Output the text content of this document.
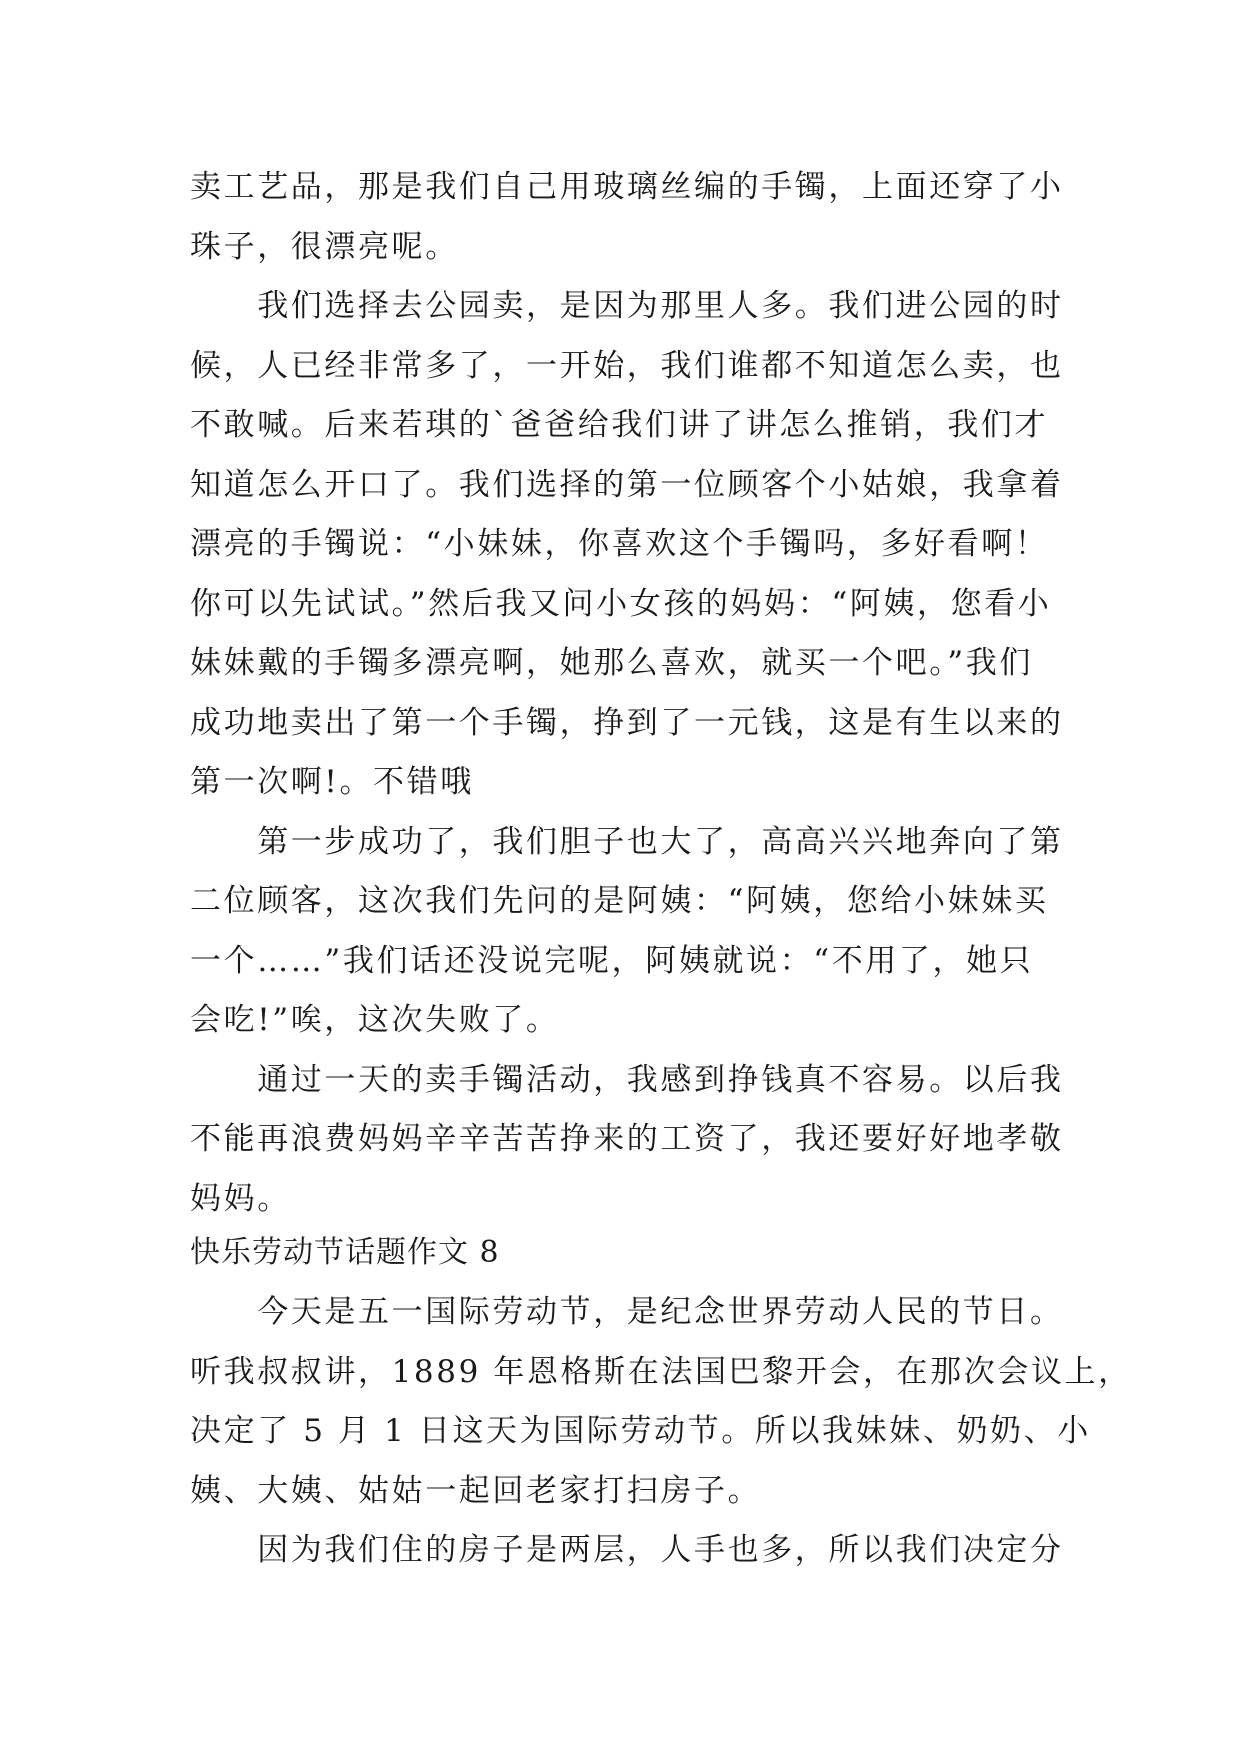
卖工艺品，那是我们自己用玻璃丝编的手镯，上面还穿了小
珠子，很漂亮呢。
　　我们选择去公园卖，是因为那里人多。我们进公园的时
候，人已经非常多了，一开始，我们谁都不知道怎么卖，也
不敢喊。后来若琪的`爸爸给我们讲了讲怎么推销，我们才
知道怎么开口了。我们选择的第一位顾客个小姑娘，我拿着
漂亮的手镯说：“小妹妹，你喜欢这个手镯吗，多好看啊！
你可以先试试。”然后我又问小女孩的妈妈：“阿姨，您看小
妹妹戴的手镯多漂亮啊，她那么喜欢，就买一个吧。”我们
成功地卖出了第一个手镯，挣到了一元钱，这是有生以来的
第一次啊!。不错哦
　　第一步成功了，我们胆子也大了，高高兴兴地奔向了第
二位顾客，这次我们先问的是阿姨：“阿姨，您给小妹妹买
一个……”我们话还没说完呢，阿姨就说：“不用了，她只
会吃!”唉，这次失败了。
　　通过一天的卖手镯活动，我感到挣钱真不容易。以后我
不能再浪费妈妈辛辛苦苦挣来的工资了，我还要好好地孝敬
妈妈。
快乐劳动节话题作文 8
　　今天是五一国际劳动节，是纪念世界劳动人民的节日。
听我叔叔讲，1889 年恩格斯在法国巴黎开会，在那次会议上，
决定了 5 月 1 日这天为国际劳动节。所以我妹妹、奶奶、小
姨、大姨、姑姑一起回老家打扫房子。
　　因为我们住的房子是两层，人手也多，所以我们决定分
